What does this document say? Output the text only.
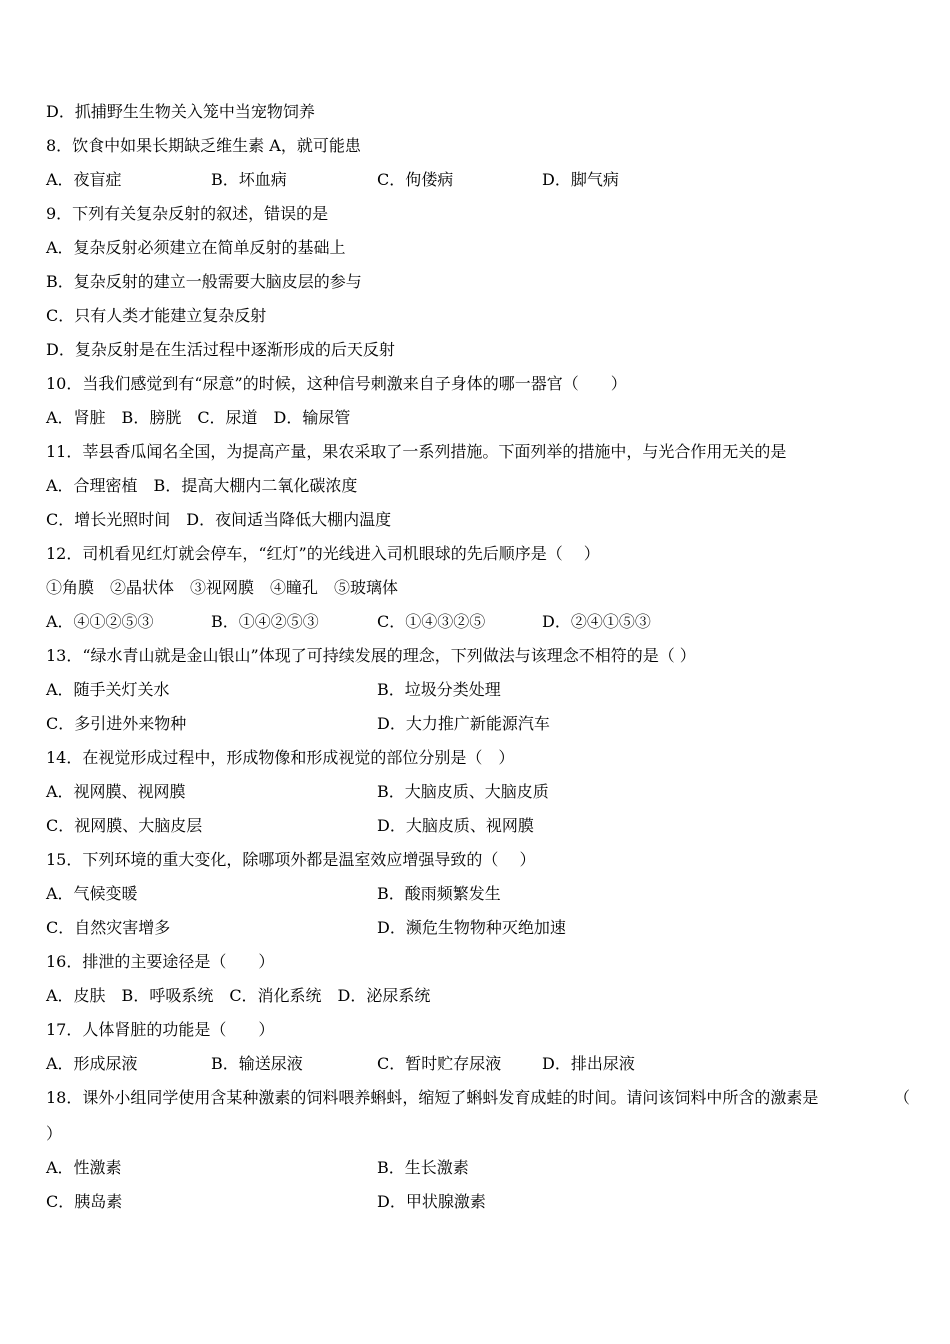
D．抓捕野生生物关入笼中当宠物饲养
8．饮食中如果长期缺乏维生素 A，就可能患
A．夜盲症	B．坏血病	C．佝偻病	D．脚气病
9．下列有关复杂反射的叙述，错误的是
A．复杂反射必须建立在简单反射的基础上
B．复杂反射的建立一般需要大脑皮层的参与
C．只有人类才能建立复杂反射
D．复杂反射是在生活过程中逐渐形成的后天反射
10．当我们感觉到有“尿意”的时候，这种信号刺激来自子身体的哪一器官（　　）
A．肾脏　B．膀胱　C．尿道　D．输尿管
11．莘县香瓜闻名全国，为提高产量，果农采取了一系列措施。下面列举的措施中，与光合作用无关的是
A．合理密植　B．提高大棚内二氧化碳浓度
C．增长光照时间　D．夜间适当降低大棚内温度
12．司机看见红灯就会停车，“红灯”的光线进入司机眼球的先后顺序是（　 ）
①角膜　②晶状体　③视网膜　④瞳孔　⑤玻璃体
A．④①②⑤③	B．①④②⑤③	C．①④③②⑤	D．②④①⑤③
13．“绿水青山就是金山银山”体现了可持续发展的理念，下列做法与该理念不相符的是（ ）
A．随手关灯关水	B．垃圾分类处理
C．多引进外来物种	D．大力推广新能源汽车
14．在视觉形成过程中，形成物像和形成视觉的部位分别是（　）
A．视网膜、视网膜	B．大脑皮质、大脑皮质
C．视网膜、大脑皮层	D．大脑皮质、视网膜
15．下列环境的重大变化，除哪项外都是温室效应增强导致的（　 ）
A．气候变暖	B．酸雨频繁发生
C．自然灾害增多	D．濒危生物物种灭绝加速
16．排泄的主要途径是（　　）
A．皮肤　B．呼吸系统　C．消化系统　D．泌尿系统
17．人体肾脏的功能是（　　）
A．形成尿液	B．输送尿液	C．暂时贮存尿液	D．排出尿液
18．课外小组同学使用含某种激素的饲料喂养蝌蚪，缩短了蝌蚪发育成蛙的时间。请问该饲料中所含的激素是	（
）
A．性激素	B．生长激素
C．胰岛素	D．甲状腺激素
